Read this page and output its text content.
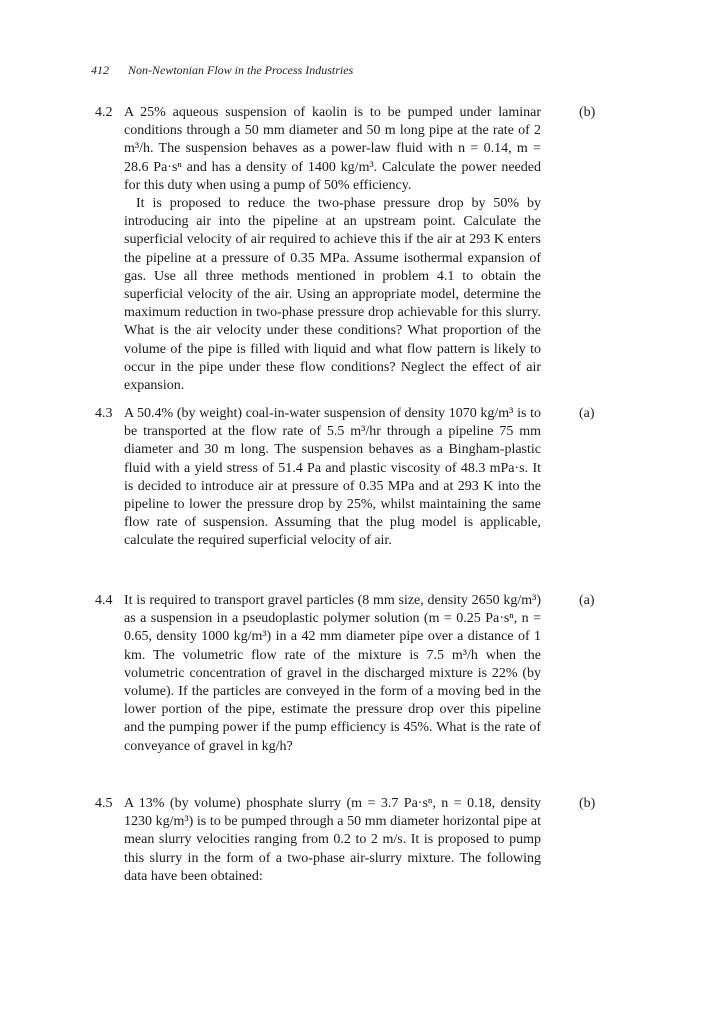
412 Non-Newtonian Flow in the Process Industries
4.2	(b)

A 25% aqueous suspension of kaolin is to be pumped under laminar conditions through a 50 mm diameter and 50 m long pipe at the rate of 2 m³/h. The suspension behaves as a power-law fluid with n = 0.14, m = 28.6 Pa·sⁿ and has a density of 1400 kg/m³. Calculate the power needed for this duty when using a pump of 50% efficiency.

It is proposed to reduce the two-phase pressure drop by 50% by introducing air into the pipeline at an upstream point. Calculate the superficial velocity of air required to achieve this if the air at 293 K enters the pipeline at a pressure of 0.35 MPa. Assume isothermal expansion of gas. Use all three methods mentioned in problem 4.1 to obtain the superficial velocity of the air. Using an appropriate model, determine the maximum reduction in two-phase pressure drop achievable for this slurry. What is the air velocity under these conditions? What proportion of the volume of the pipe is filled with liquid and what flow pattern is likely to occur in the pipe under these flow conditions? Neglect the effect of air expansion.

4.3	(a)

A 50.4% (by weight) coal-in-water suspension of density 1070 kg/m³ is to be transported at the flow rate of 5.5 m³/hr through a pipeline 75 mm diameter and 30 m long. The suspension behaves as a Bingham-plastic fluid with a yield stress of 51.4 Pa and plastic viscosity of 48.3 mPa·s. It is decided to introduce air at pressure of 0.35 MPa and at 293 K into the pipeline to lower the pressure drop by 25%, whilst maintaining the same flow rate of suspension. Assuming that the plug model is applicable, calculate the required superficial velocity of air.

4.4	(a)

It is required to transport gravel particles (8 mm size, density 2650 kg/m³) as a suspension in a pseudoplastic polymer solution (m = 0.25 Pa·sⁿ, n = 0.65, density 1000 kg/m³) in a 42 mm diameter pipe over a distance of 1 km. The volumetric flow rate of the mixture is 7.5 m³/h when the volumetric concentration of gravel in the discharged mixture is 22% (by volume). If the particles are conveyed in the form of a moving bed in the lower portion of the pipe, estimate the pressure drop over this pipeline and the pumping power if the pump efficiency is 45%. What is the rate of conveyance of gravel in kg/h?

4.5	(b)

A 13% (by volume) phosphate slurry (m = 3.7 Pa·sⁿ, n = 0.18, density 1230 kg/m³) is to be pumped through a 50 mm diameter horizontal pipe at mean slurry velocities ranging from 0.2 to 2 m/s. It is proposed to pump this slurry in the form of a two-phase air-slurry mixture. The following data have been obtained:
